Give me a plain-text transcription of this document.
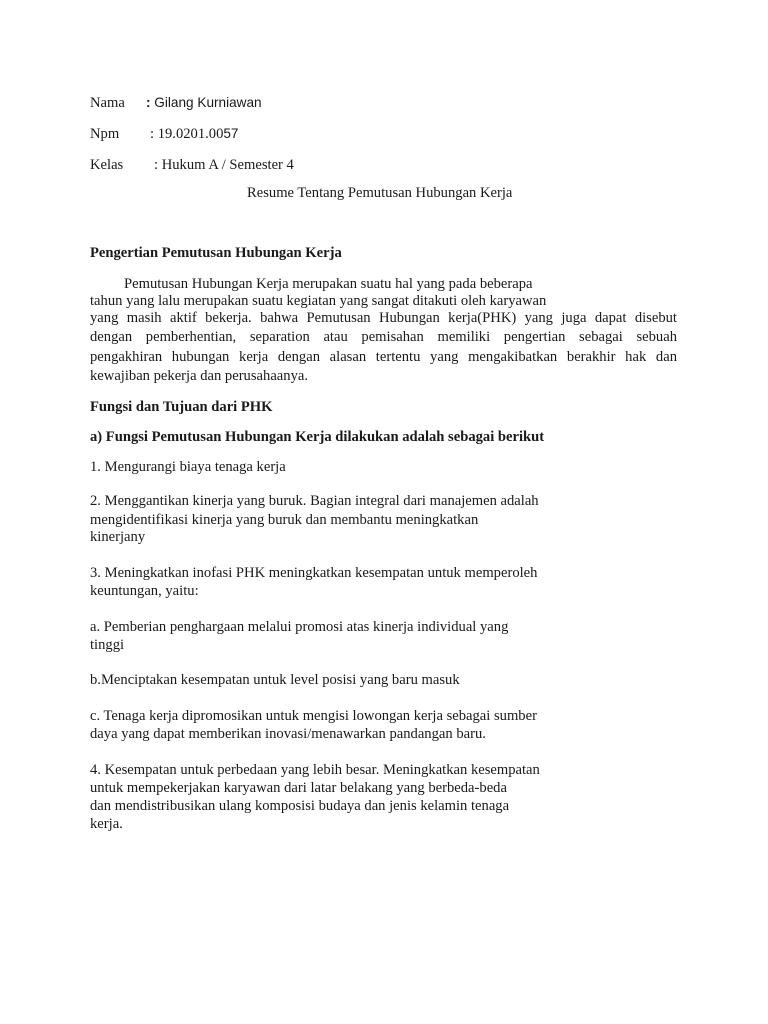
Nama : Gilang Kurniawan
Npm : 19.0201.0057
Kelas : Hukum A / Semester 4
Resume Tentang Pemutusan Hubungan Kerja
Pengertian Pemutusan Hubungan Kerja
Pemutusan Hubungan Kerja merupakan suatu hal yang pada beberapa
tahun yang lalu merupakan suatu kegiatan yang sangat ditakuti oleh karyawan
yang masih aktif bekerja. bahwa Pemutusan Hubungan kerja(PHK) yang juga dapat disebut
dengan pemberhentian, separation atau pemisahan memiliki pengertian sebagai sebuah
pengakhiran hubungan kerja dengan alasan tertentu yang mengakibatkan berakhir hak dan
kewajiban pekerja dan perusahaanya.
Fungsi dan Tujuan dari PHK
a) Fungsi Pemutusan Hubungan Kerja dilakukan adalah sebagai berikut
1. Mengurangi biaya tenaga kerja
2. Menggantikan kinerja yang buruk. Bagian integral dari manajemen adalah
mengidentifikasi kinerja yang buruk dan membantu meningkatkan
kinerjany
3. Meningkatkan inofasi PHK meningkatkan kesempatan untuk memperoleh
keuntungan, yaitu:
a. Pemberian penghargaan melalui promosi atas kinerja individual yang
tinggi
b.Menciptakan kesempatan untuk level posisi yang baru masuk
c. Tenaga kerja dipromosikan untuk mengisi lowongan kerja sebagai sumber
daya yang dapat memberikan inovasi/menawarkan pandangan baru.
4. Kesempatan untuk perbedaan yang lebih besar. Meningkatkan kesempatan
untuk mempekerjakan karyawan dari latar belakang yang berbeda-beda
dan mendistribusikan ulang komposisi budaya dan jenis kelamin tenaga
kerja.
